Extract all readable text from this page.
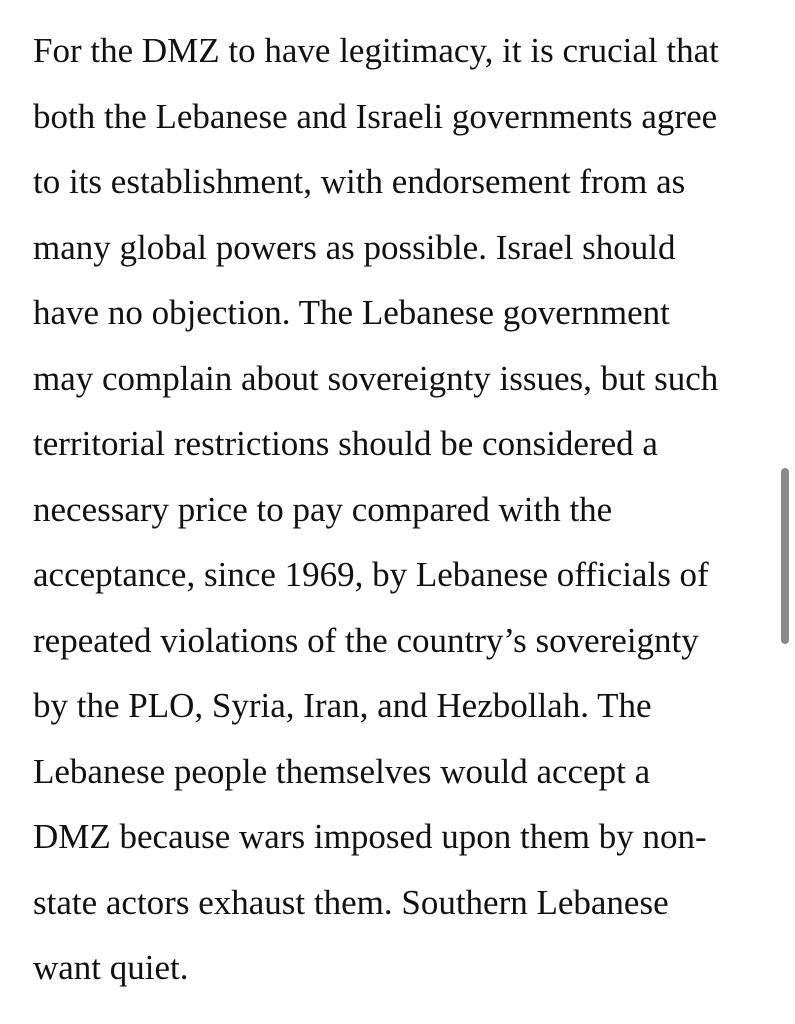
For the DMZ to have legitimacy, it is crucial that
both the Lebanese and Israeli governments agree
to its establishment, with endorsement from as
many global powers as possible. Israel should
have no objection. The Lebanese government
may complain about sovereignty issues, but such
territorial restrictions should be considered a
necessary price to pay compared with the
acceptance, since 1969, by Lebanese officials of
repeated violations of the country’s sovereignty
by the PLO, Syria, Iran, and Hezbollah. The
Lebanese people themselves would accept a
DMZ because wars imposed upon them by non-
state actors exhaust them. Southern Lebanese
want quiet.
